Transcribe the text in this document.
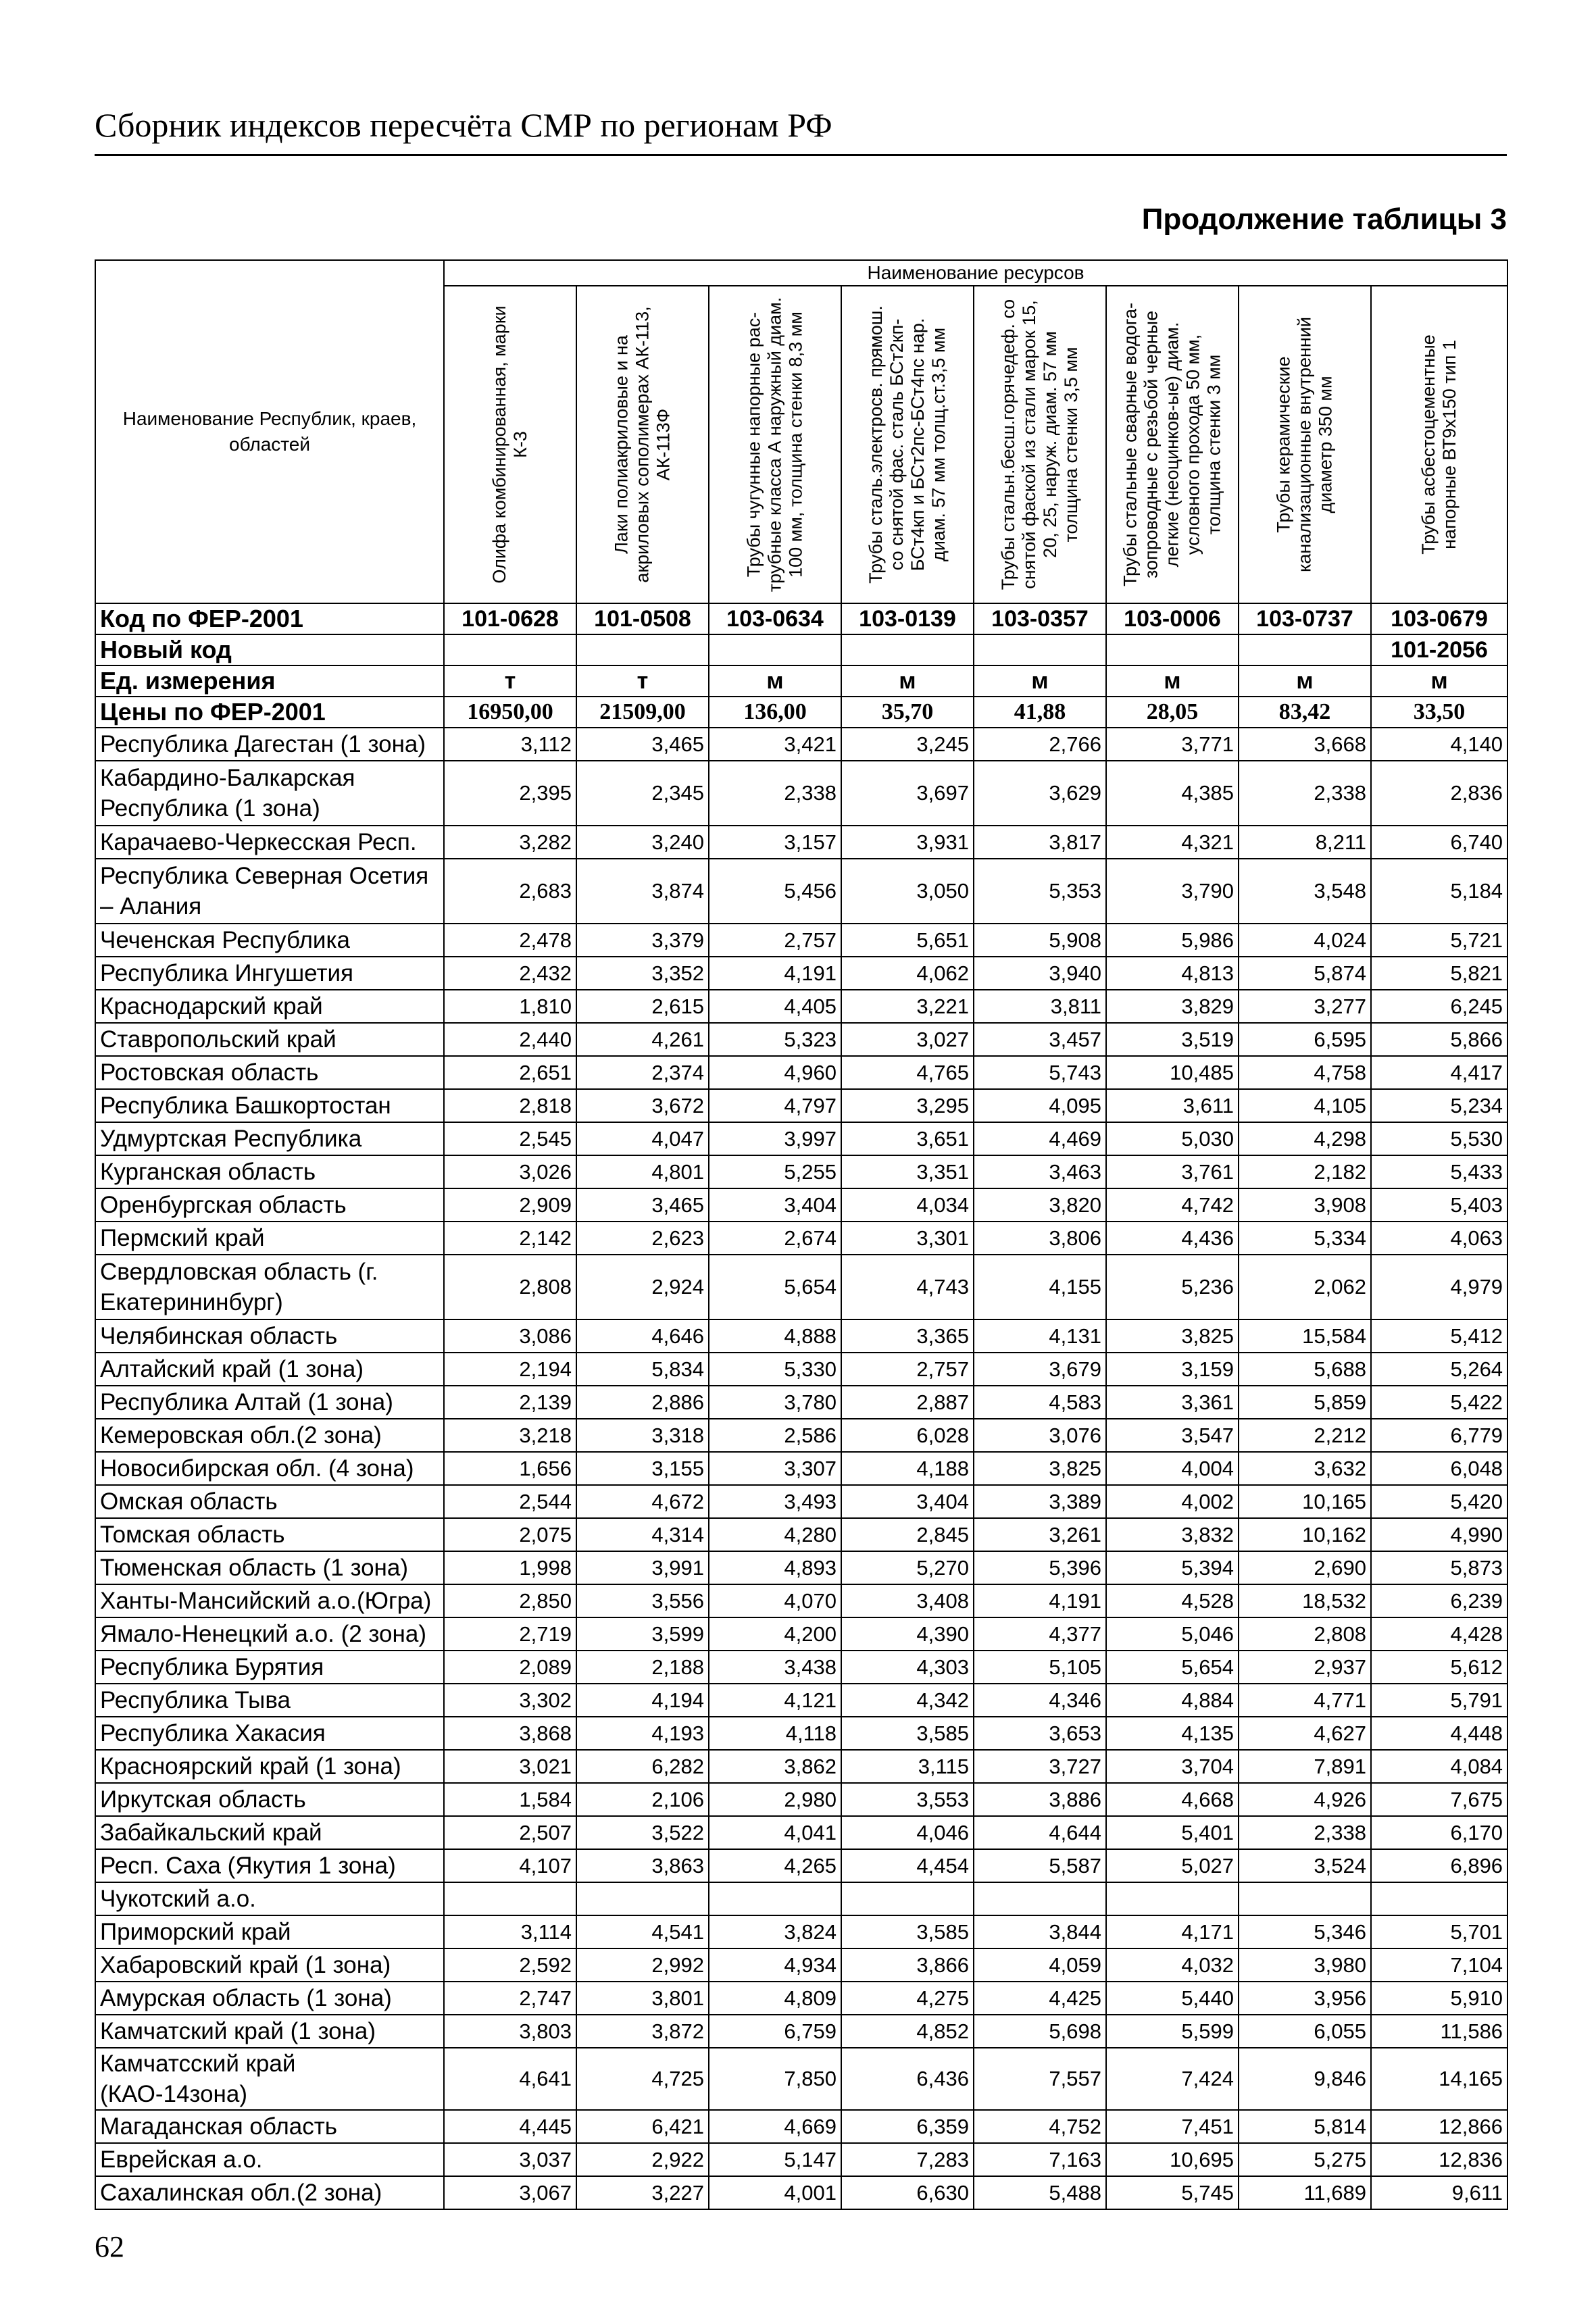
Сборник индексов пересчёта СМР по регионам РФ
Продолжение таблицы 3
Наименование Республик, краев, областей	Наименование ресурсов							

	Олифа комбинированная, марки К-3	Лаки полиакриловые и на акриловых сополимерах АК-113, АК-113Ф	Трубы чугунные напорные рас-трубные класса А наружный диам. 100 мм, толщина стенки 8,3 мм	Трубы сталь.электросв. прямош. со снятой фас. сталь БСт2кп-БСт4кп и БСт2пс-БСт4пс нар. диам. 57 мм толщ.ст.3,5 мм	Трубы стальн.бесш.горячедеф. со снятой фаской из стали марок 15, 20, 25, наруж. диам. 57 мм толщина стенки 3,5 мм	Трубы стальные сварные водога-зопроводные с резьбой черные легкие (неоцинков-ые) диам. условного прохода 50 мм, толщина стенки 3 мм	Трубы керамические канализационные внутренний диаметр 350 мм	Трубы асбестоцементные напорные ВТ9х150 тип 1

Код по ФЕР-2001	101-0628	101-0508	103-0634	103-0139	103-0357	103-0006	103-0737	103-0679
Новый код								101-2056
Ед. измерения	т	т	м	м	м	м	м	м
Цены по ФЕР-2001	16950,00	21509,00	136,00	35,70	41,88	28,05	83,42	33,50
Республика Дагестан (1 зона)	3,112	3,465	3,421	3,245	2,766	3,771	3,668	4,140
Кабардино-Балкарская Республика (1 зона)	2,395	2,345	2,338	3,697	3,629	4,385	2,338	2,836
Карачаево-Черкесская Респ.	3,282	3,240	3,157	3,931	3,817	4,321	8,211	6,740
Республика Северная Осетия – Алания	2,683	3,874	5,456	3,050	5,353	3,790	3,548	5,184
Чеченская Республика	2,478	3,379	2,757	5,651	5,908	5,986	4,024	5,721
Республика Ингушетия	2,432	3,352	4,191	4,062	3,940	4,813	5,874	5,821
Краснодарский край	1,810	2,615	4,405	3,221	3,811	3,829	3,277	6,245
Ставропольский край	2,440	4,261	5,323	3,027	3,457	3,519	6,595	5,866
Ростовская область	2,651	2,374	4,960	4,765	5,743	10,485	4,758	4,417
Республика Башкортостан	2,818	3,672	4,797	3,295	4,095	3,611	4,105	5,234
Удмуртская Республика	2,545	4,047	3,997	3,651	4,469	5,030	4,298	5,530
Курганская область	3,026	4,801	5,255	3,351	3,463	3,761	2,182	5,433
Оренбургская область	2,909	3,465	3,404	4,034	3,820	4,742	3,908	5,403
Пермский край	2,142	2,623	2,674	3,301	3,806	4,436	5,334	4,063
Свердловская область (г. Екатерининбург)	2,808	2,924	5,654	4,743	4,155	5,236	2,062	4,979
Челябинская область	3,086	4,646	4,888	3,365	4,131	3,825	15,584	5,412
Алтайский край (1 зона)	2,194	5,834	5,330	2,757	3,679	3,159	5,688	5,264
Республика Алтай (1 зона)	2,139	2,886	3,780	2,887	4,583	3,361	5,859	5,422
Кемеровская обл.(2 зона)	3,218	3,318	2,586	6,028	3,076	3,547	2,212	6,779
Новосибирская обл. (4 зона)	1,656	3,155	3,307	4,188	3,825	4,004	3,632	6,048
Омская область	2,544	4,672	3,493	3,404	3,389	4,002	10,165	5,420
Томская область	2,075	4,314	4,280	2,845	3,261	3,832	10,162	4,990
Тюменская область (1 зона)	1,998	3,991	4,893	5,270	5,396	5,394	2,690	5,873
Ханты-Мансийский а.о.(Югра)	2,850	3,556	4,070	3,408	4,191	4,528	18,532	6,239
Ямало-Ненецкий а.о. (2 зона)	2,719	3,599	4,200	4,390	4,377	5,046	2,808	4,428
Республика Бурятия	2,089	2,188	3,438	4,303	5,105	5,654	2,937	5,612
Республика Тыва	3,302	4,194	4,121	4,342	4,346	4,884	4,771	5,791
Республика Хакасия	3,868	4,193	4,118	3,585	3,653	4,135	4,627	4,448
Красноярский край (1 зона)	3,021	6,282	3,862	3,115	3,727	3,704	7,891	4,084
Иркутская область	1,584	2,106	2,980	3,553	3,886	4,668	4,926	7,675
Забайкальский край	2,507	3,522	4,041	4,046	4,644	5,401	2,338	6,170
Респ. Саха (Якутия 1 зона)	4,107	3,863	4,265	4,454	5,587	5,027	3,524	6,896
Чукотский а.о.								
Приморский край	3,114	4,541	3,824	3,585	3,844	4,171	5,346	5,701
Хабаровский край (1 зона)	2,592	2,992	4,934	3,866	4,059	4,032	3,980	7,104
Амурская область (1 зона)	2,747	3,801	4,809	4,275	4,425	5,440	3,956	5,910
Камчатский край (1 зона)	3,803	3,872	6,759	4,852	5,698	5,599	6,055	11,586
Камчатсский край (КАО-14зона)	4,641	4,725	7,850	6,436	7,557	7,424	9,846	14,165
Магаданская область	4,445	6,421	4,669	6,359	4,752	7,451	5,814	12,866
Еврейская а.о.	3,037	2,922	5,147	7,283	7,163	10,695	5,275	12,836
Сахалинская обл.(2 зона)	3,067	3,227	4,001	6,630	5,488	5,745	11,689	9,611
62
